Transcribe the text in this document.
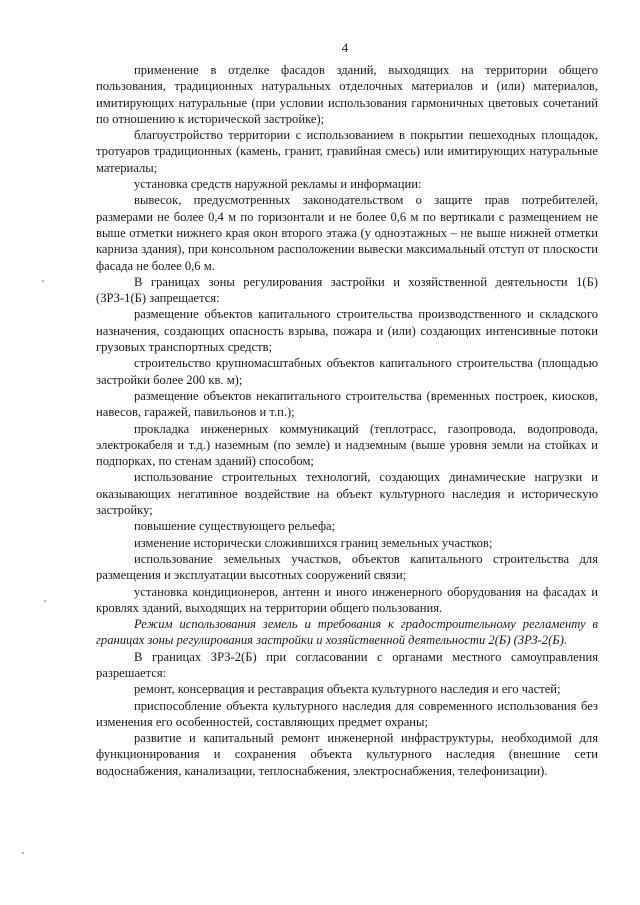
4

применение в отделке фасадов зданий, выходящих на территории общего пользования, традиционных натуральных отделочных материалов и (или) материалов, имитирующих натуральные (при условии использования гармоничных цветовых сочетаний по отношению к исторической застройке);

благоустройство территории с использованием в покрытии пешеходных площадок, тротуаров традиционных (камень, гранит, гравийная смесь) или имитирующих натуральные материалы;

установка средств наружной рекламы и информации:

вывесок, предусмотренных законодательством о защите прав потребителей, размерами не более 0,4 м по горизонтали и не более 0,6 м по вертикали с размещением не выше отметки нижнего края окон второго этажа (у одноэтажных – не выше нижней отметки карниза здания), при консольном расположении вывески максимальный отступ от плоскости фасада не более 0,6 м.

В границах зоны регулирования застройки и хозяйственной деятельности 1(Б) (ЗРЗ-1(Б) запрещается:

размещение объектов капитального строительства производственного и складского назначения, создающих опасность взрыва, пожара и (или) создающих интенсивные потоки грузовых транспортных средств;

строительство крупномасштабных объектов капитального строительства (площадью застройки более 200 кв. м);

размещение объектов некапитального строительства (временных построек, киосков, навесов, гаражей, павильонов и т.п.);

прокладка инженерных коммуникаций (теплотрасс, газопровода, водопровода, электрокабеля и т.д.) наземным (по земле) и надземным (выше уровня земли на стойках и подпорках, по стенам зданий) способом;

использование строительных технологий, создающих динамические нагрузки и оказывающих негативное воздействие на объект культурного наследия и историческую застройку;

повышение существующего рельефа;

изменение исторически сложившихся границ земельных участков;

использование земельных участков, объектов капитального строительства для размещения и эксплуатации высотных сооружений связи;

установка кондиционеров, антенн и иного инженерного оборудования на фасадах и кровлях зданий, выходящих на территории общего пользования.

Режим использования земель и требования к градостроительному регламенту в границах зоны регулирования застройки и хозяйственной деятельности 2(Б) (ЗРЗ-2(Б).

В границах ЗРЗ-2(Б) при согласовании с органами местного самоуправления разрешается:

ремонт, консервация и реставрация объекта культурного наследия и его частей;

приспособление объекта культурного наследия для современного использования без изменения его особенностей, составляющих предмет охраны;

развитие и капитальный ремонт инженерной инфраструктуры, необходимой для функционирования и сохранения объекта культурного наследия (внешние сети водоснабжения, канализации, теплоснабжения, электроснабжения, телефонизации).
